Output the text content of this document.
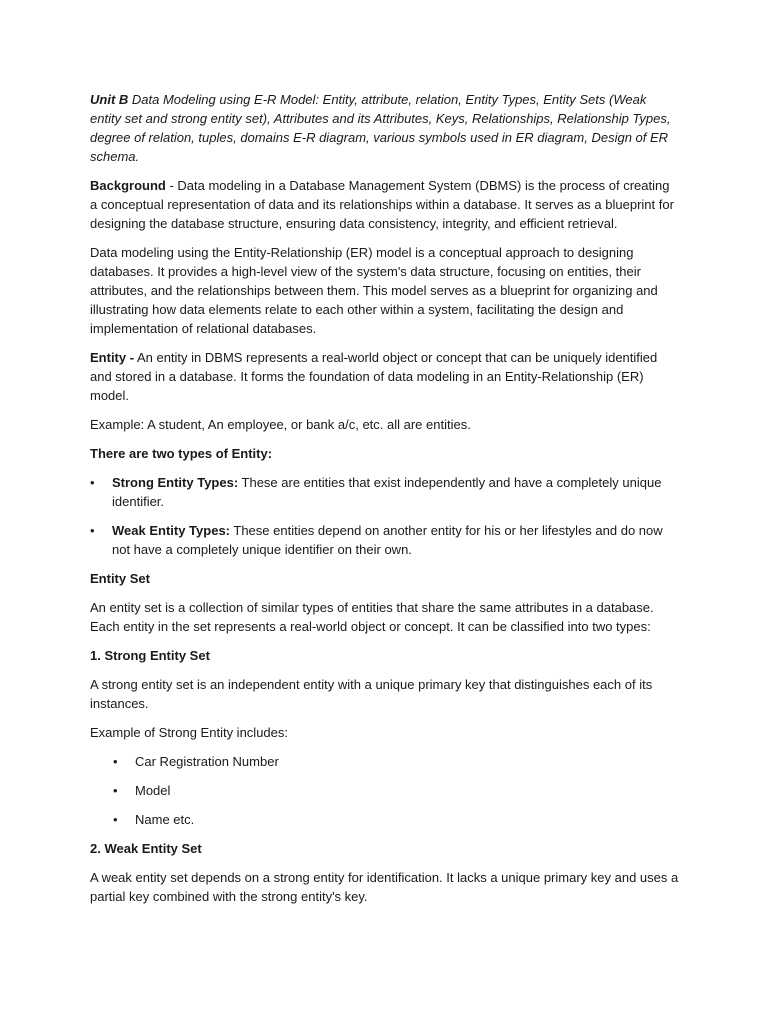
Unit B Data Modeling using E-R Model: Entity, attribute, relation, Entity Types, Entity Sets (Weak entity set and strong entity set), Attributes and its Attributes, Keys, Relationships, Relationship Types, degree of relation, tuples, domains E-R diagram, various symbols used in ER diagram, Design of ER schema.

Background - Data modeling in a Database Management System (DBMS) is the process of creating a conceptual representation of data and its relationships within a database. It serves as a blueprint for designing the database structure, ensuring data consistency, integrity, and efficient retrieval.

Data modeling using the Entity-Relationship (ER) model is a conceptual approach to designing databases. It provides a high-level view of the system's data structure, focusing on entities, their attributes, and the relationships between them. This model serves as a blueprint for organizing and illustrating how data elements relate to each other within a system, facilitating the design and implementation of relational databases.

Entity - An entity in DBMS represents a real-world object or concept that can be uniquely identified and stored in a database. It forms the foundation of data modeling in an Entity-Relationship (ER) model.

Example: A student, An employee, or bank a/c, etc. all are entities.

There are two types of Entity:

• Strong Entity Types: These are entities that exist independently and have a completely unique identifier.
• Weak Entity Types: These entities depend on another entity for his or her lifestyles and do now not have a completely unique identifier on their own.

Entity Set

An entity set is a collection of similar types of entities that share the same attributes in a database. Each entity in the set represents a real-world object or concept. It can be classified into two types:

1. Strong Entity Set

A strong entity set is an independent entity with a unique primary key that distinguishes each of its instances.

Example of Strong Entity includes:

• Car Registration Number
• Model
• Name etc.

2. Weak Entity Set

A weak entity set depends on a strong entity for identification. It lacks a unique primary key and uses a partial key combined with the strong entity's key.
